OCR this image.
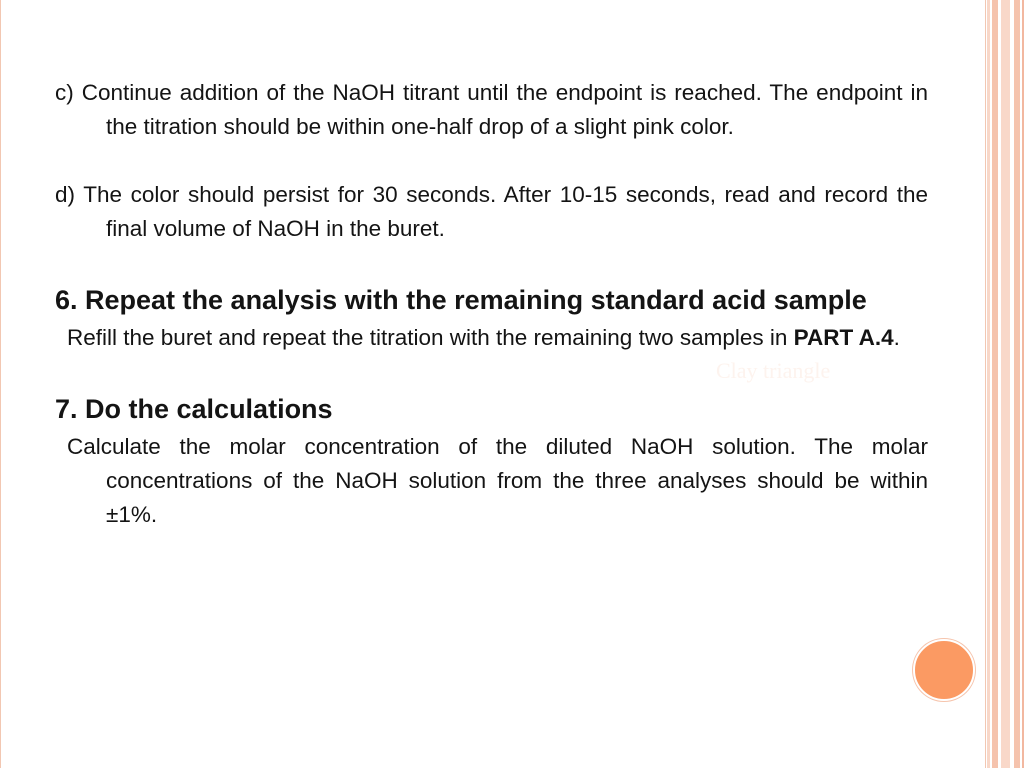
Clay triangle

c) Continue addition of the NaOH titrant until the endpoint is reached. The endpoint in the titration should be within one-half drop of a slight pink color.

d) The color should persist for 30 seconds. After 10-15 seconds, read and record the final volume of NaOH in the buret.

6. Repeat the analysis with the remaining standard acid sample

Refill the buret and repeat the titration with the remaining two samples in PART A.4.

7. Do the calculations

Calculate the molar concentration of the diluted NaOH solution. The molar concentrations of the NaOH solution from the three analyses should be within ±1%.
